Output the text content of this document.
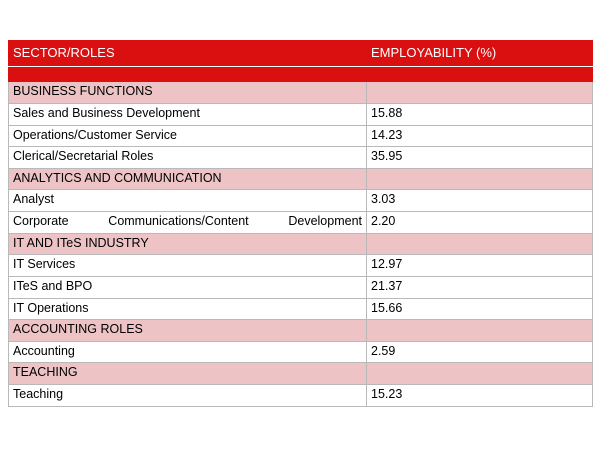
SECTOR/ROLES	EMPLOYABILITY (%)

BUSINESS FUNCTIONS	
Sales and Business Development	15.88
Operations/Customer Service	14.23
Clerical/Secretarial Roles	35.95
ANALYTICS AND COMMUNICATION	
Analyst	3.03
Corporate Communications/Content Development	2.20
IT AND ITeS INDUSTRY	
IT Services	12.97
ITeS and BPO	21.37
IT Operations	15.66
ACCOUNTING ROLES	
Accounting	2.59
TEACHING	
Teaching	15.23
